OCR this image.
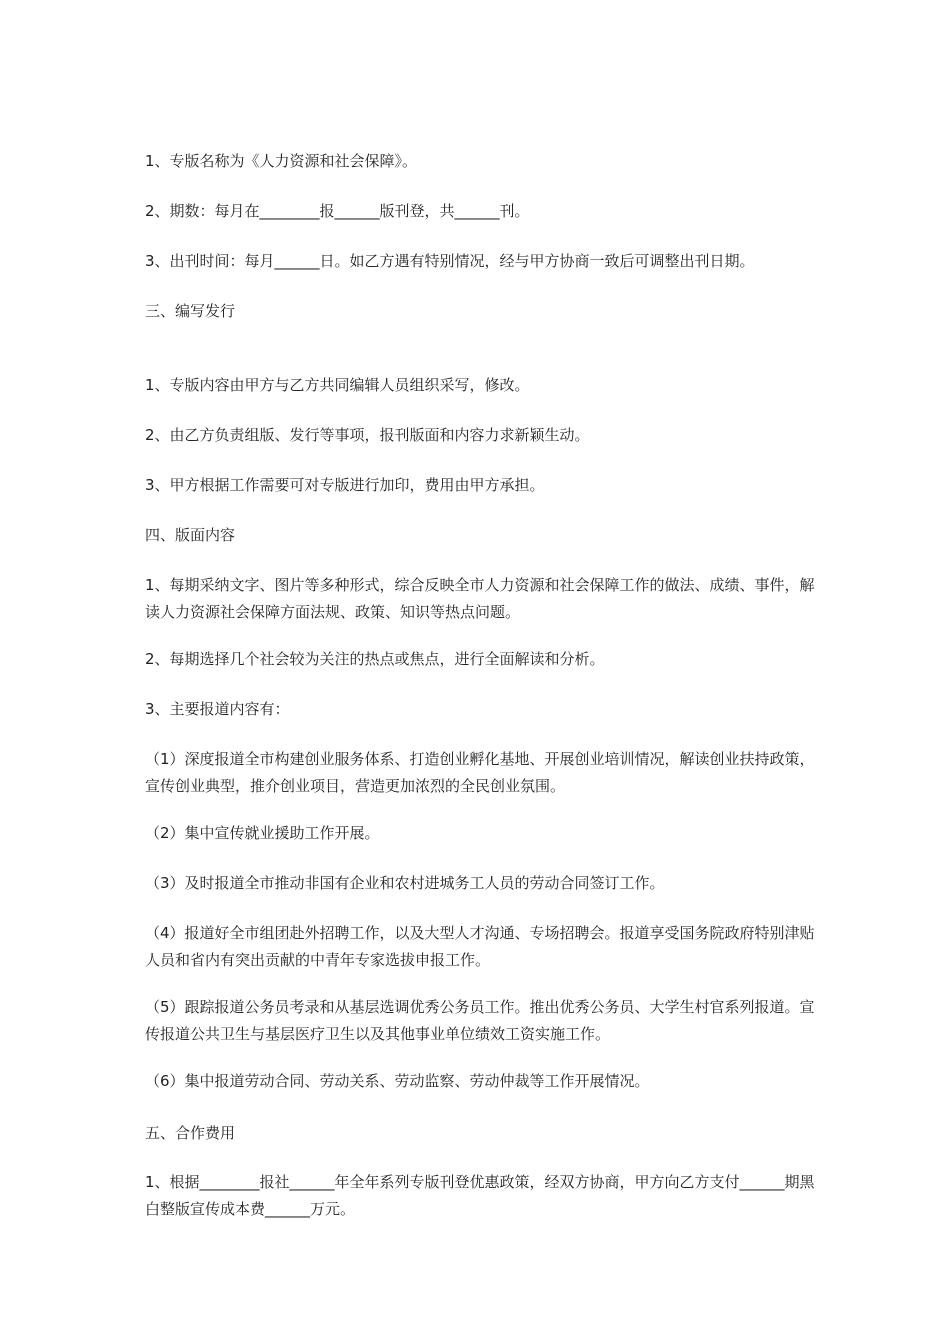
1、专版名称为《人力资源和社会保障》。
2、期数：每月在________报______版刊登，共______刊。
3、出刊时间：每月______日。如乙方遇有特别情况，经与甲方协商一致后可调整出刊日期。
三、编写发行
1、专版内容由甲方与乙方共同编辑人员组织采写，修改。
2、由乙方负责组版、发行等事项，报刊版面和内容力求新颖生动。
3、甲方根据工作需要可对专版进行加印，费用由甲方承担。
四、版面内容
1、每期采纳文字、图片等多种形式，综合反映全市人力资源和社会保障工作的做法、成绩、事件，解读人力资源社会保障方面法规、政策、知识等热点问题。
2、每期选择几个社会较为关注的热点或焦点，进行全面解读和分析。
3、主要报道内容有：
（1）深度报道全市构建创业服务体系、打造创业孵化基地、开展创业培训情况，解读创业扶持政策，宣传创业典型，推介创业项目，营造更加浓烈的全民创业氛围。
（2）集中宣传就业援助工作开展。
（3）及时报道全市推动非国有企业和农村进城务工人员的劳动合同签订工作。
（4）报道好全市组团赴外招聘工作，以及大型人才沟通、专场招聘会。报道享受国务院政府特别津贴人员和省内有突出贡献的中青年专家选拔申报工作。
（5）跟踪报道公务员考录和从基层选调优秀公务员工作。推出优秀公务员、大学生村官系列报道。宣传报道公共卫生与基层医疗卫生以及其他事业单位绩效工资实施工作。
（6）集中报道劳动合同、劳动关系、劳动监察、劳动仲裁等工作开展情况。
五、合作费用
1、根据________报社______年全年系列专版刊登优惠政策，经双方协商，甲方向乙方支付______期黑白整版宣传成本费______万元。
